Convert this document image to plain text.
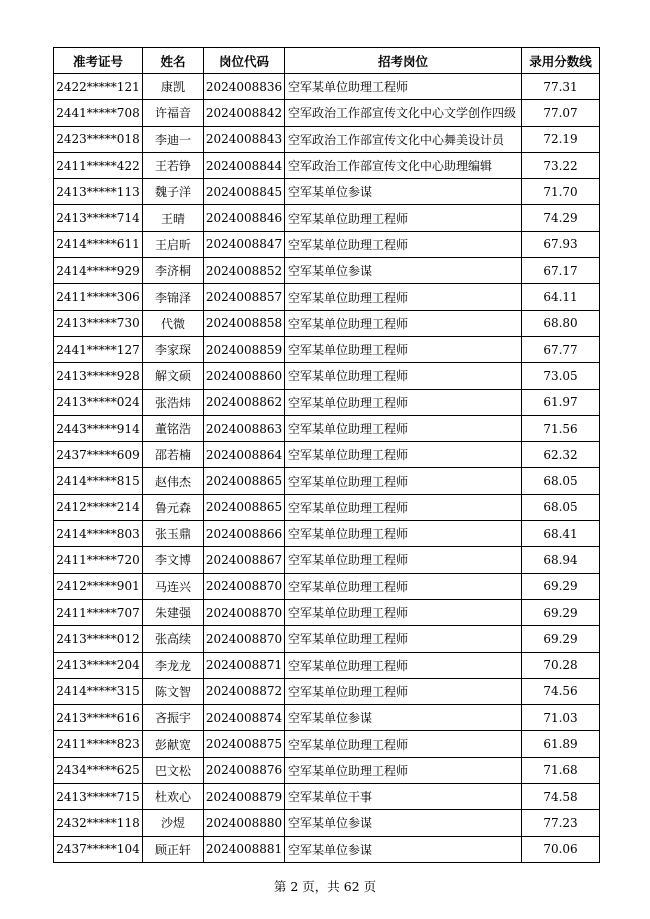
准考证号	姓名	岗位代码	招考岗位	录用分数线
2422*****121	康凯	2024008836	空军某单位助理工程师	77.31
2441*****708	许福音	2024008842	空军政治工作部宣传文化中心文学创作四级	77.07
2423*****018	李迪一	2024008843	空军政治工作部宣传文化中心舞美设计员	72.19
2411*****422	王若铮	2024008844	空军政治工作部宣传文化中心助理编辑	73.22
2413*****113	魏子洋	2024008845	空军某单位参谋	71.70
2413*****714	王晴	2024008846	空军某单位助理工程师	74.29
2414*****611	王启昕	2024008847	空军某单位助理工程师	67.93
2414*****929	李济桐	2024008852	空军某单位参谋	67.17
2411*****306	李锦泽	2024008857	空军某单位助理工程师	64.11
2413*****730	代微	2024008858	空军某单位助理工程师	68.80
2441*****127	李家琛	2024008859	空军某单位助理工程师	67.77
2413*****928	解文硕	2024008860	空军某单位助理工程师	73.05
2413*****024	张浩炜	2024008862	空军某单位助理工程师	61.97
2443*****914	董铭浩	2024008863	空军某单位助理工程师	71.56
2437*****609	邵若楠	2024008864	空军某单位助理工程师	62.32
2414*****815	赵伟杰	2024008865	空军某单位助理工程师	68.05
2412*****214	鲁元森	2024008865	空军某单位助理工程师	68.05
2414*****803	张玉鼎	2024008866	空军某单位助理工程师	68.41
2411*****720	李文博	2024008867	空军某单位助理工程师	68.94
2412*****901	马连兴	2024008870	空军某单位助理工程师	69.29
2411*****707	朱建强	2024008870	空军某单位助理工程师	69.29
2413*****012	张高续	2024008870	空军某单位助理工程师	69.29
2413*****204	李龙龙	2024008871	空军某单位助理工程师	70.28
2414*****315	陈文智	2024008872	空军某单位助理工程师	74.56
2413*****616	吝振宇	2024008874	空军某单位参谋	71.03
2411*****823	彭献宽	2024008875	空军某单位助理工程师	61.89
2434*****625	巴文松	2024008876	空军某单位助理工程师	71.68
2413*****715	杜欢心	2024008879	空军某单位干事	74.58
2432*****118	沙煜	2024008880	空军某单位参谋	77.23
2437*****104	顾正轩	2024008881	空军某单位参谋	70.06
第 2 页，共 62 页
